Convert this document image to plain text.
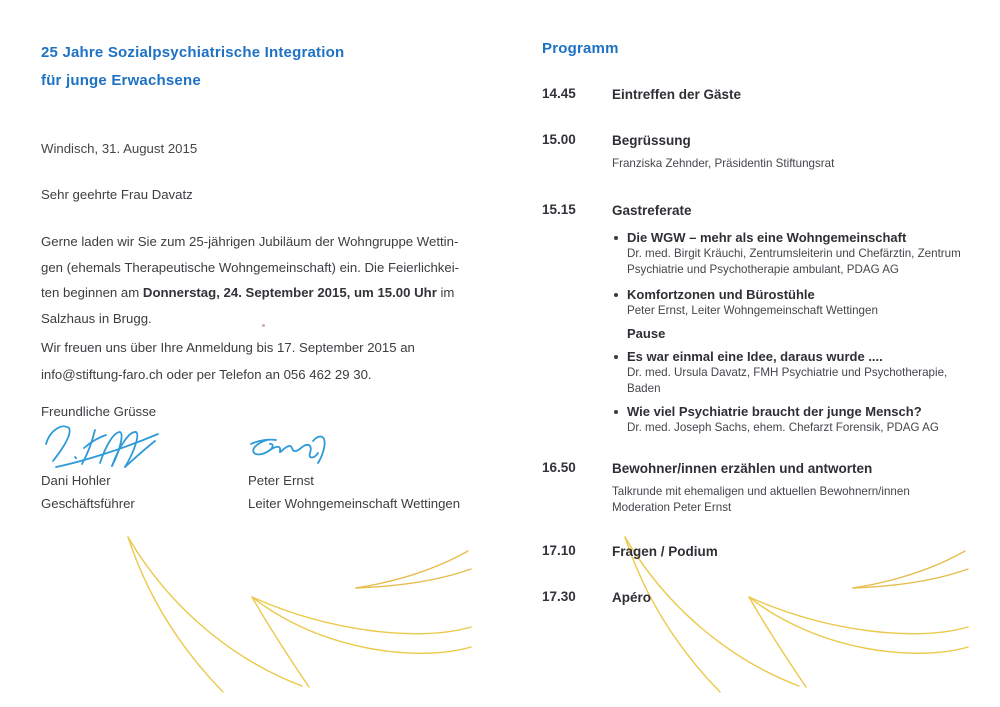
25 Jahre Sozialpsychiatrische Integration
für junge Erwachsene
Windisch, 31. August 2015
Sehr geehrte Frau Davatz
Gerne laden wir Sie zum 25-jährigen Jubiläum der Wohngruppe Wettin-
gen (ehemals Therapeutische Wohngemeinschaft) ein. Die Feierlichkei-
ten beginnen am Donnerstag, 24. September 2015, um 15.00 Uhr im
Salzhaus in Brugg.
Wir freuen uns über Ihre Anmeldung bis 17. September 2015 an
info@stiftung-faro.ch oder per Telefon an 056 462 29 30.
Freundliche Grüsse
Dani Hohler	Peter Ernst
Geschäftsführer	Leiter Wohngemeinschaft Wettingen
Programm
14.45	Eintreffen der Gäste
15.00	Begrüssung
Franziska Zehnder, Präsidentin Stiftungsrat
15.15	Gastreferate
Die WGW – mehr als eine Wohngemeinschaft
Dr. med. Birgit Kräuchi, Zentrumsleiterin und Chefärztin, Zentrum
Psychiatrie und Psychotherapie ambulant, PDAG AG
Komfortzonen und Bürostühle
Peter Ernst, Leiter Wohngemeinschaft Wettingen
Pause
Es war einmal eine Idee, daraus wurde ....
Dr. med. Ursula Davatz, FMH Psychiatrie und Psychotherapie,
Baden
Wie viel Psychiatrie braucht der junge Mensch?
Dr. med. Joseph Sachs, ehem. Chefarzt Forensik, PDAG AG
16.50	Bewohner/innen erzählen und antworten
Talkrunde mit ehemaligen und aktuellen Bewohnern/innen
Moderation Peter Ernst
17.10	Fragen / Podium
17.30	Apéro
